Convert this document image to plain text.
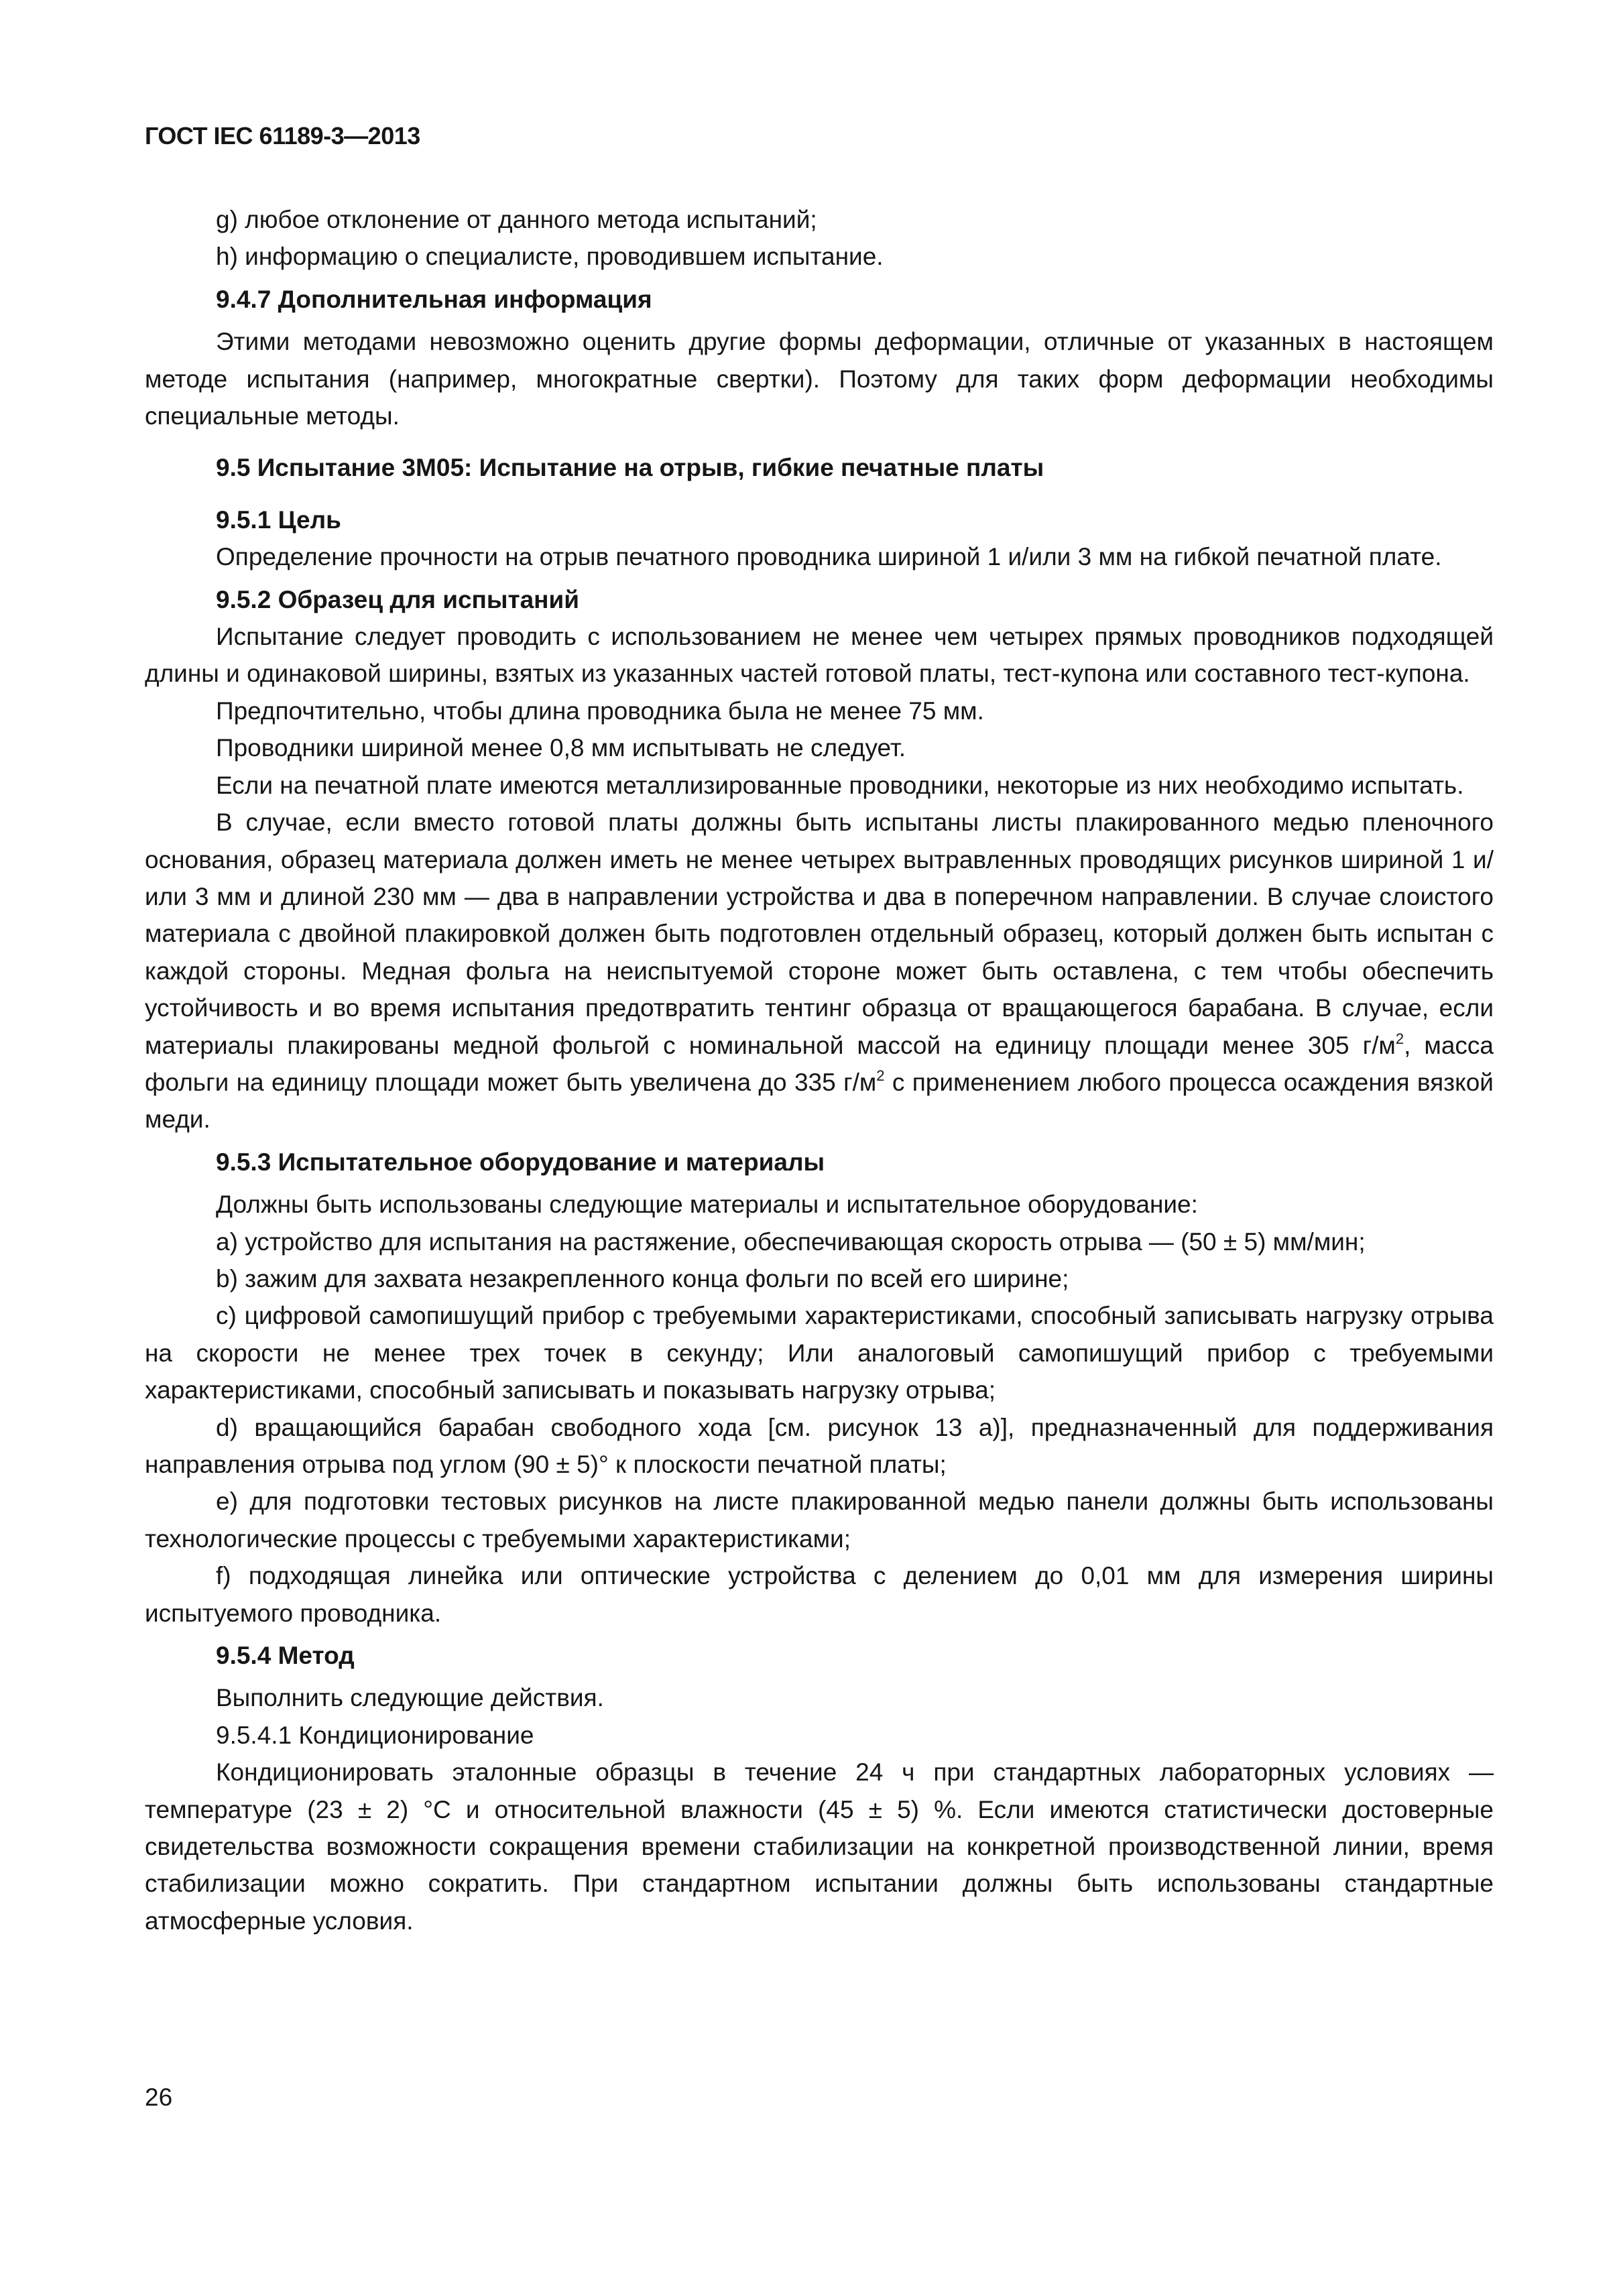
ГОСТ IEC 61189-3—2013

g) любое отклонение от данного метода испытаний;

h) информацию о специалисте, проводившем испытание.

9.4.7 Дополнительная информация

Этими методами невозможно оценить другие формы деформации, отличные от указанных в настоящем методе испытания (например, многократные свертки). Поэтому для таких форм деформации необходимы специальные методы.

9.5 Испытание 3М05: Испытание на отрыв, гибкие печатные платы

9.5.1 Цель

Определение прочности на отрыв печатного проводника шириной 1 и/или 3 мм на гибкой печатной плате.

9.5.2 Образец для испытаний

Испытание следует проводить с использованием не менее чем четырех прямых проводников подходящей длины и одинаковой ширины, взятых из указанных частей готовой платы, тест-купона или составного тест-купона.

Предпочтительно, чтобы длина проводника была не менее 75 мм.

Проводники шириной менее 0,8 мм испытывать не следует.

Если на печатной плате имеются металлизированные проводники, некоторые из них необходимо испытать.

В случае, если вместо готовой платы должны быть испытаны листы плакированного медью пленочного основания, образец материала должен иметь не менее четырех вытравленных проводящих рисунков шириной 1 и/или 3 мм и длиной 230 мм — два в направлении устройства и два в поперечном направлении. В случае слоистого материала с двойной плакировкой должен быть подготовлен отдельный образец, который должен быть испытан с каждой стороны. Медная фольга на неиспытуемой стороне может быть оставлена, с тем чтобы обеспечить устойчивость и во время испытания предотвратить тентинг образца от вращающегося барабана. В случае, если материалы плакированы медной фольгой с номинальной массой на единицу площади менее 305 $г/м^2$, масса фольги на единицу площади может быть увеличена до 335 $г/м^2$ с применением любого процесса осаждения вязкой меди.

9.5.3 Испытательное оборудование и материалы

Должны быть использованы следующие материалы и испытательное оборудование:

a) устройство для испытания на растяжение, обеспечивающая скорость отрыва — (50 ± 5) мм/мин;

b) зажим для захвата незакрепленного конца фольги по всей его ширине;

c) цифровой самопишущий прибор с требуемыми характеристиками, способный записывать нагрузку отрыва на скорости не менее трех точек в секунду; Или аналоговый самопишущий прибор с требуемыми характеристиками, способный записывать и показывать нагрузку отрыва;

d) вращающийся барабан свободного хода [см. рисунок 13 a)], предназначенный для поддерживания направления отрыва под углом (90 ± 5)° к плоскости печатной платы;

e) для подготовки тестовых рисунков на листе плакированной медью панели должны быть использованы технологические процессы с требуемыми характеристиками;

f) подходящая линейка или оптические устройства с делением до 0,01 мм для измерения ширины испытуемого проводника.

9.5.4 Метод

Выполнить следующие действия.

9.5.4.1 Кондиционирование

Кондиционировать эталонные образцы в течение 24 ч при стандартных лабораторных условиях — температуре (23 ± 2) °С и относительной влажности (45 ± 5) %. Если имеются статистически достоверные свидетельства возможности сокращения времени стабилизации на конкретной производственной линии, время стабилизации можно сократить. При стандартном испытании должны быть использованы стандартные атмосферные условия.

26
